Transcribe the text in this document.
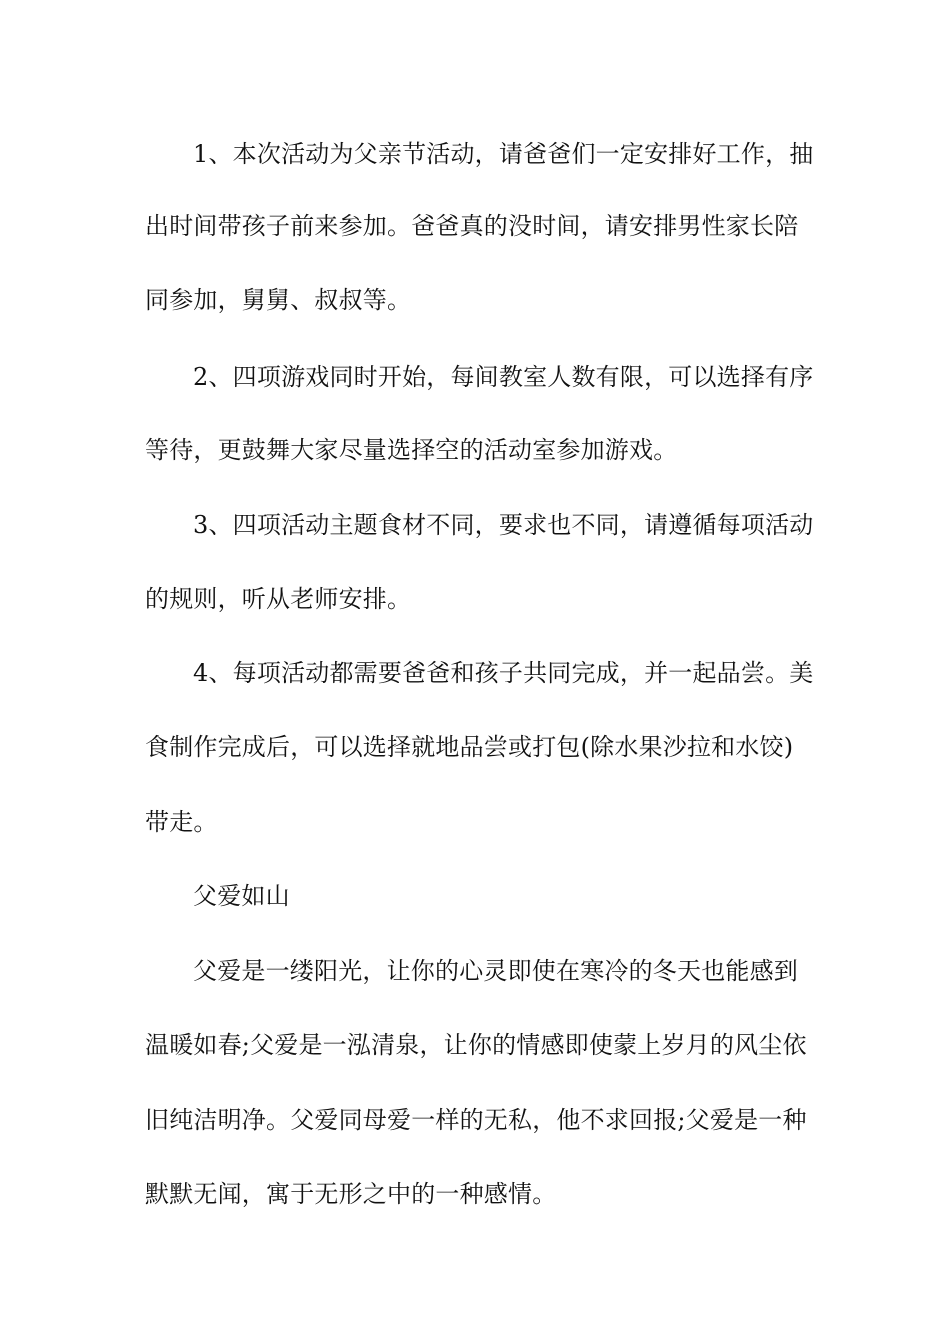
1、本次活动为父亲节活动，请爸爸们一定安排好工作，抽
出时间带孩子前来参加。爸爸真的没时间，请安排男性家长陪
同参加，舅舅、叔叔等。
2、四项游戏同时开始，每间教室人数有限，可以选择有序
等待，更鼓舞大家尽量选择空的活动室参加游戏。
3、四项活动主题食材不同，要求也不同，请遵循每项活动
的规则，听从老师安排。
4、每项活动都需要爸爸和孩子共同完成，并一起品尝。美
食制作完成后，可以选择就地品尝或打包(除水果沙拉和水饺)
带走。
父爱如山
父爱是一缕阳光，让你的心灵即使在寒冷的冬天也能感到
温暖如春;父爱是一泓清泉，让你的情感即使蒙上岁月的风尘依
旧纯洁明净。父爱同母爱一样的无私，他不求回报;父爱是一种
默默无闻，寓于无形之中的一种感情。
